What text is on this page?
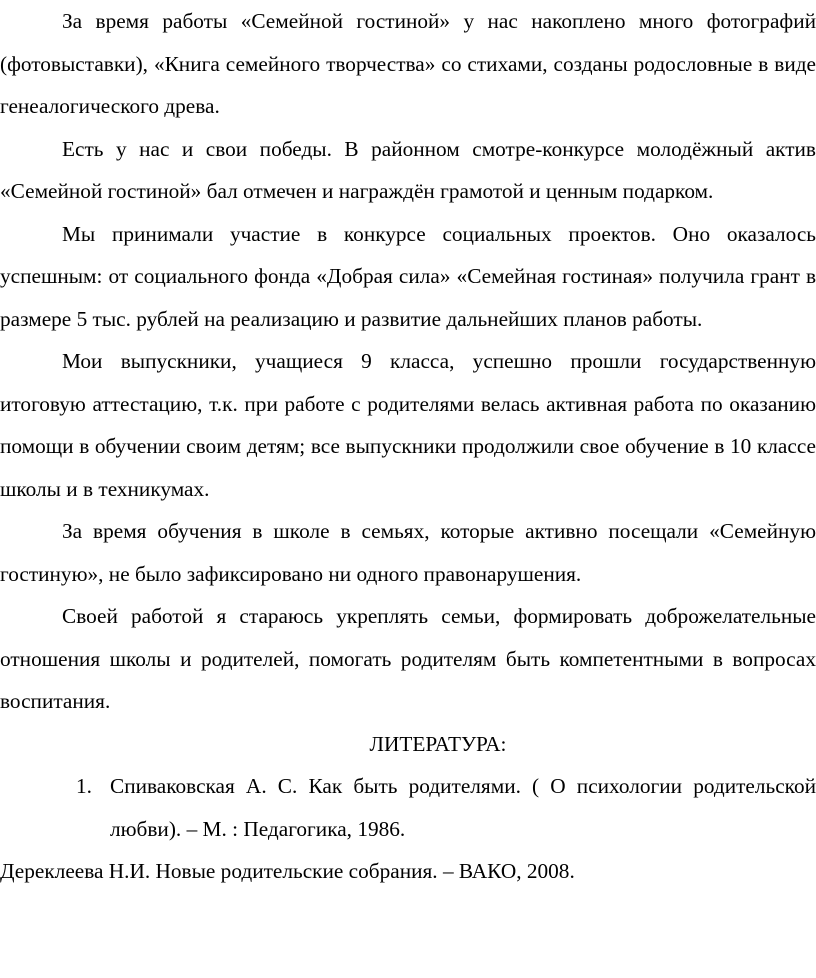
За время работы «Семейной гостиной» у нас накоплено много фотографий (фотовыставки), «Книга семейного творчества» со стихами, созданы родословные в виде генеалогического древа.

Есть у нас и свои победы. В районном смотре-конкурсе молодёжный актив «Семейной гостиной» бал отмечен и награждён грамотой и ценным подарком.

Мы принимали участие в конкурсе социальных проектов. Оно оказалось успешным: от социального фонда «Добрая сила» «Семейная гостиная» получила грант в размере 5 тыс. рублей на реализацию и развитие дальнейших планов работы.

Мои выпускники, учащиеся 9 класса, успешно прошли государственную итоговую аттестацию, т.к. при работе с родителями велась активная работа по оказанию помощи в обучении своим детям; все выпускники продолжили свое обучение в 10 классе школы и в техникумах.

За время обучения в школе в семьях, которые активно посещали «Семейную гостиную», не было зафиксировано ни одного правонарушения.

Своей работой я стараюсь укреплять семьи, формировать доброжелательные отношения школы и родителей, помогать родителям быть компетентными в вопросах воспитания.

ЛИТЕРАТУРА:

1. Спиваковская А. С. Как быть родителями. ( О психологии родительской любви). – М. : Педагогика, 1986.

Дереклеева Н.И. Новые родительские собрания. – ВАКО, 2008.
